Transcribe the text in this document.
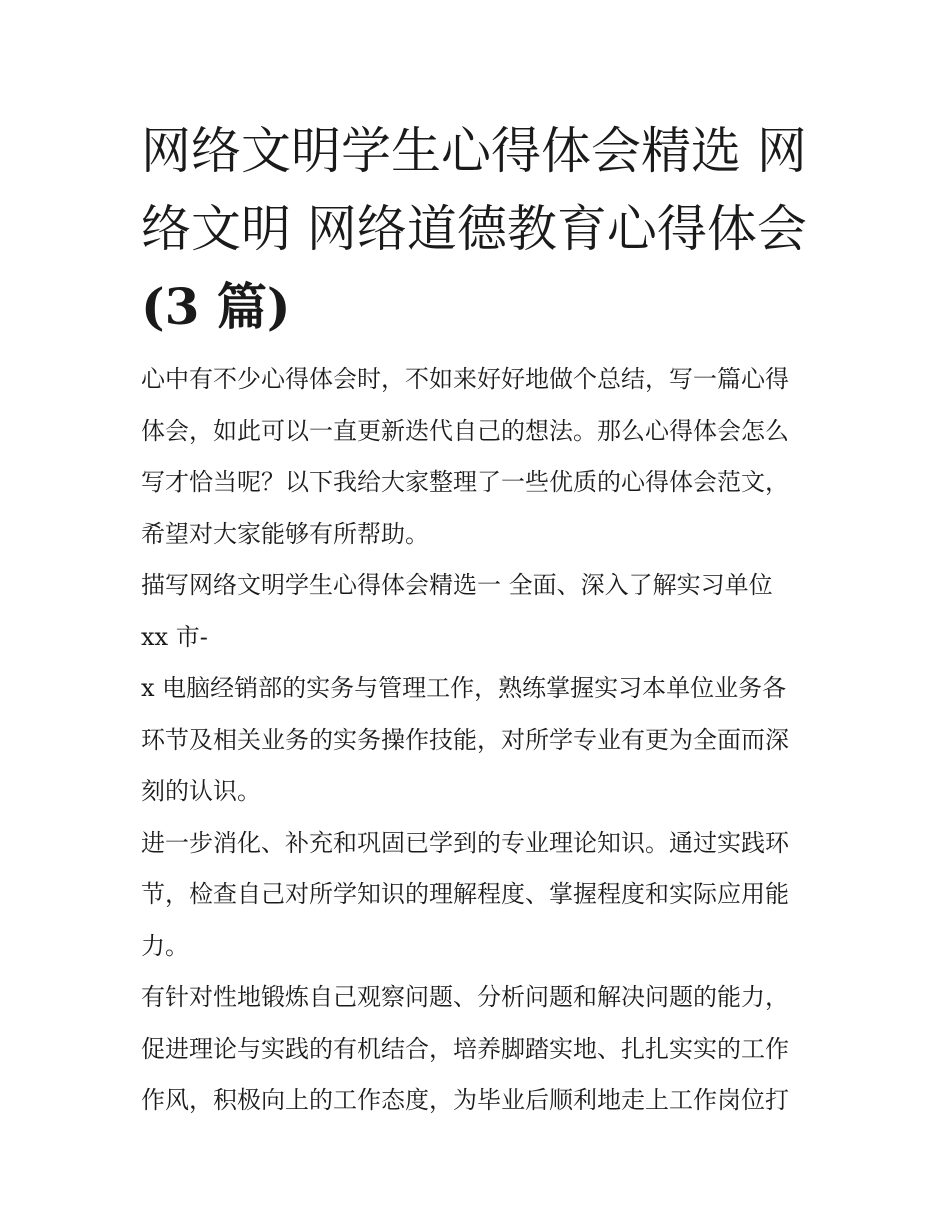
网络文明学生心得体会精选 网
络文明 网络道德教育心得体会
(3 篇)

心中有不少心得体会时，不如来好好地做个总结，写一篇心得
体会，如此可以一直更新迭代自己的想法。那么心得体会怎么
写才恰当呢？以下我给大家整理了一些优质的心得体会范文，
希望对大家能够有所帮助。

描写网络文明学生心得体会精选一 全面、深入了解实习单位
xx 市-

x 电脑经销部的实务与管理工作，熟练掌握实习本单位业务各
环节及相关业务的实务操作技能，对所学专业有更为全面而深
刻的认识。

进一步消化、补充和巩固已学到的专业理论知识。通过实践环
节，检查自己对所学知识的理解程度、掌握程度和实际应用能
力。

有针对性地锻炼自己观察问题、分析问题和解决问题的能力，
促进理论与实践的有机结合，培养脚踏实地、扎扎实实的工作
作风，积极向上的工作态度，为毕业后顺利地走上工作岗位打
